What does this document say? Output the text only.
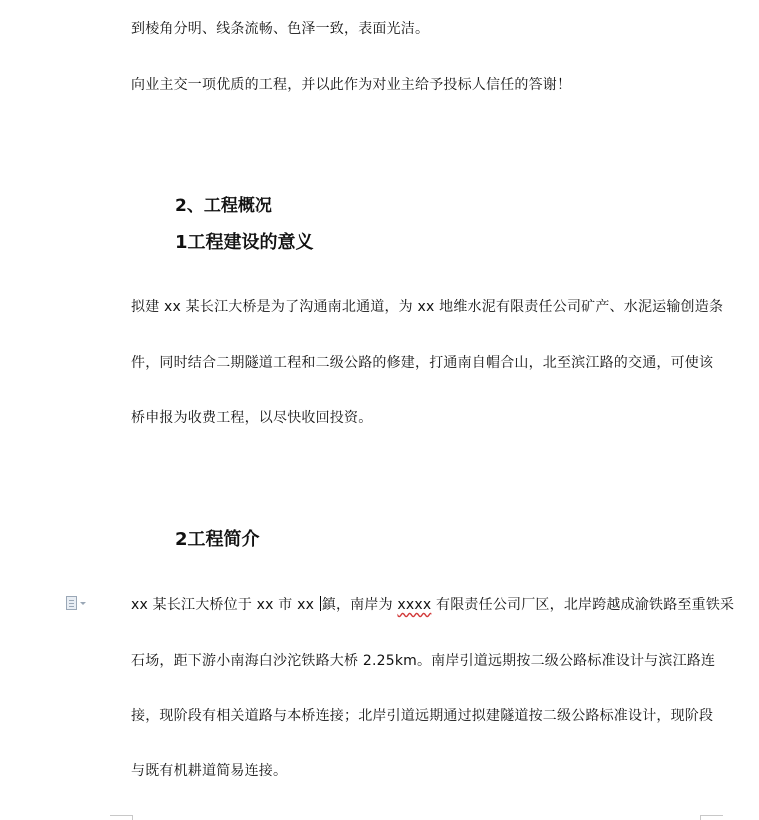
到棱角分明、线条流畅、色泽一致，表面光洁。
向业主交一项优质的工程，并以此作为对业主给予投标人信任的答谢！
2、工程概况
1工程建设的意义
拟建 xx 某长江大桥是为了沟通南北通道，为 xx 地维水泥有限责任公司矿产、水泥运输创造条
件，同时结合二期隧道工程和二级公路的修建，打通南自帽合山，北至滨江路的交通，可使该
桥申报为收费工程，以尽快收回投资。
2工程简介
xx 某长江大桥位于 xx 市 xx 鎮，南岸为 xxxx 有限责任公司厂区，北岸跨越成渝铁路至重铁采
石场，距下游小南海白沙沱铁路大桥 2.25km。南岸引道远期按二级公路标准设计与滨江路连
接，现阶段有相关道路与本桥连接；北岸引道远期通过拟建隧道按二级公路标准设计，现阶段
与既有机耕道简易连接。
